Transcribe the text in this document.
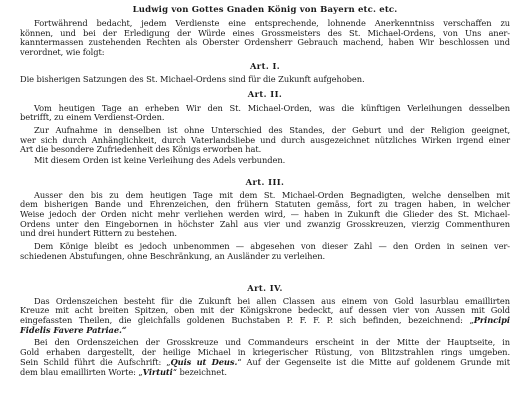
Ludwig von Gottes Gnaden König von Bayern etc. etc.
Fortwährend bedacht, jedem Verdienste eine entsprechende, lohnende Anerkenntniss verschaffen zu
können, und bei der Erledigung der Würde eines Grossmeisters des St. Michael-Ordens, von Uns aner-
kanntermassen zustehenden Rechten als Oberster Ordensherr Gebrauch machend, haben Wir beschlossen und
verordnet, wie folgt:
Art. I.
Die bisherigen Satzungen des St. Michael-Ordens sind für die Zukunft aufgehoben.
Art. II.
Vom heutigen Tage an erheben Wir den St. Michael-Orden, was die künftigen Verleihungen desselben
betrifft, zu einem Verdienst-Orden.
Zur Aufnahme in denselben ist ohne Unterschied des Standes, der Geburt und der Religion geeignet,
wer sich durch Anhänglichkeit, durch Vaterlandsliebe und durch ausgezeichnet nützliches Wirken irgend einer
Art die besondere Zufriedenheit des Königs erworben hat.
Mit diesem Orden ist keine Verleihung des Adels verbunden.
Art. III.
Ausser den bis zu dem heutigen Tage mit dem St. Michael-Orden Begnadigten, welche denselben mit
dem bisherigen Bande und Ehrenzeichen, den frühern Statuten gemäss, fort zu tragen haben, in welcher
Weise jedoch der Orden nicht mehr verliehen werden wird, — haben in Zukunft die Glieder des St. Michael-
Ordens unter den Eingebornen in höchster Zahl aus vier und zwanzig Grosskreuzen, vierzig Commenthuren
und drei hundert Rittern zu bestehen.
Dem Könige bleibt es jedoch unbenommen — abgesehen von dieser Zahl — den Orden in seinen ver-
schiedenen Abstufungen, ohne Beschränkung, an Ausländer zu verleihen.
Art. IV.
Das Ordenszeichen besteht für die Zukunft bei allen Classen aus einem von Gold lasurblau emaillirten
Kreuze mit acht breiten Spitzen, oben mit der Königskrone bedeckt, auf dessen vier von Aussen mit Gold
eingefassten Theilen, die gleichfalls goldenen Buchstaben P. F. F. P. sich befinden, bezeichnend: „Principi
Fidelis Favere Patriae.“
Bei den Ordenszeichen der Grosskreuze und Commandeurs erscheint in der Mitte der Hauptseite, in
Gold erhaben dargestellt, der heilige Michael in kriegerischer Rüstung, von Blitzstrahlen rings umgeben.
Sein Schild führt die Aufschrift: „Quis ut Deus.“ Auf der Gegenseite ist die Mitte auf goldenem Grunde mit
dem blau emaillirten Worte: „Virtuti“ bezeichnet.
